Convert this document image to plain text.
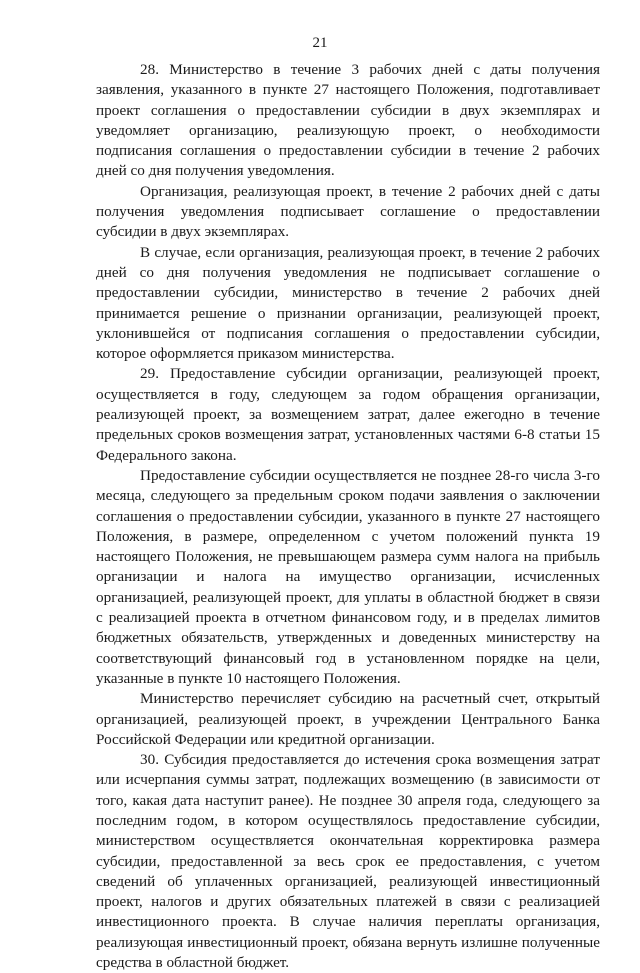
21

28. Министерство в течение 3 рабочих дней с даты получения заявления, указанного в пункте 27 настоящего Положения, подготавливает проект соглашения о предоставлении субсидии в двух экземплярах и уведомляет организацию, реализующую проект, о необходимости подписания соглашения о предоставлении субсидии в течение 2 рабочих дней со дня получения уведомления.

Организация, реализующая проект, в течение 2 рабочих дней с даты получения уведомления подписывает соглашение о предоставлении субсидии в двух экземплярах.

В случае, если организация, реализующая проект, в течение 2 рабочих дней со дня получения уведомления не подписывает соглашение о предоставлении субсидии, министерство в течение 2 рабочих дней принимается решение о признании организации, реализующей проект, уклонившейся от подписания соглашения о предоставлении субсидии, которое оформляется приказом министерства.

29. Предоставление субсидии организации, реализующей проект, осуществляется в году, следующем за годом обращения организации, реализующей проект, за возмещением затрат, далее ежегодно в течение предельных сроков возмещения затрат, установленных частями 6-8 статьи 15 Федерального закона.

Предоставление субсидии осуществляется не позднее 28-го числа 3-го месяца, следующего за предельным сроком подачи заявления о заключении соглашения о предоставлении субсидии, указанного в пункте 27 настоящего Положения, в размере, определенном с учетом положений пункта 19 настоящего Положения, не превышающем размера сумм налога на прибыль организации и налога на имущество организации, исчисленных организацией, реализующей проект, для уплаты в областной бюджет в связи с реализацией проекта в отчетном финансовом году, и в пределах лимитов бюджетных обязательств, утвержденных и доведенных министерству на соответствующий финансовый год в установленном порядке на цели, указанные в пункте 10 настоящего Положения.

Министерство перечисляет субсидию на расчетный счет, открытый организацией, реализующей проект, в учреждении Центрального Банка Российской Федерации или кредитной организации.

30. Субсидия предоставляется до истечения срока возмещения затрат или исчерпания суммы затрат, подлежащих возмещению (в зависимости от того, какая дата наступит ранее). Не позднее 30 апреля года, следующего за последним годом, в котором осуществлялось предоставление субсидии, министерством осуществляется окончательная корректировка размера субсидии, предоставленной за весь срок ее предоставления, с учетом сведений об уплаченных организацией, реализующей инвестиционный проект, налогов и других обязательных платежей в связи с реализацией инвестиционного проекта. В случае наличия переплаты организация, реализующая инвестиционный проект, обязана вернуть излишне полученные средства в областной бюджет.
